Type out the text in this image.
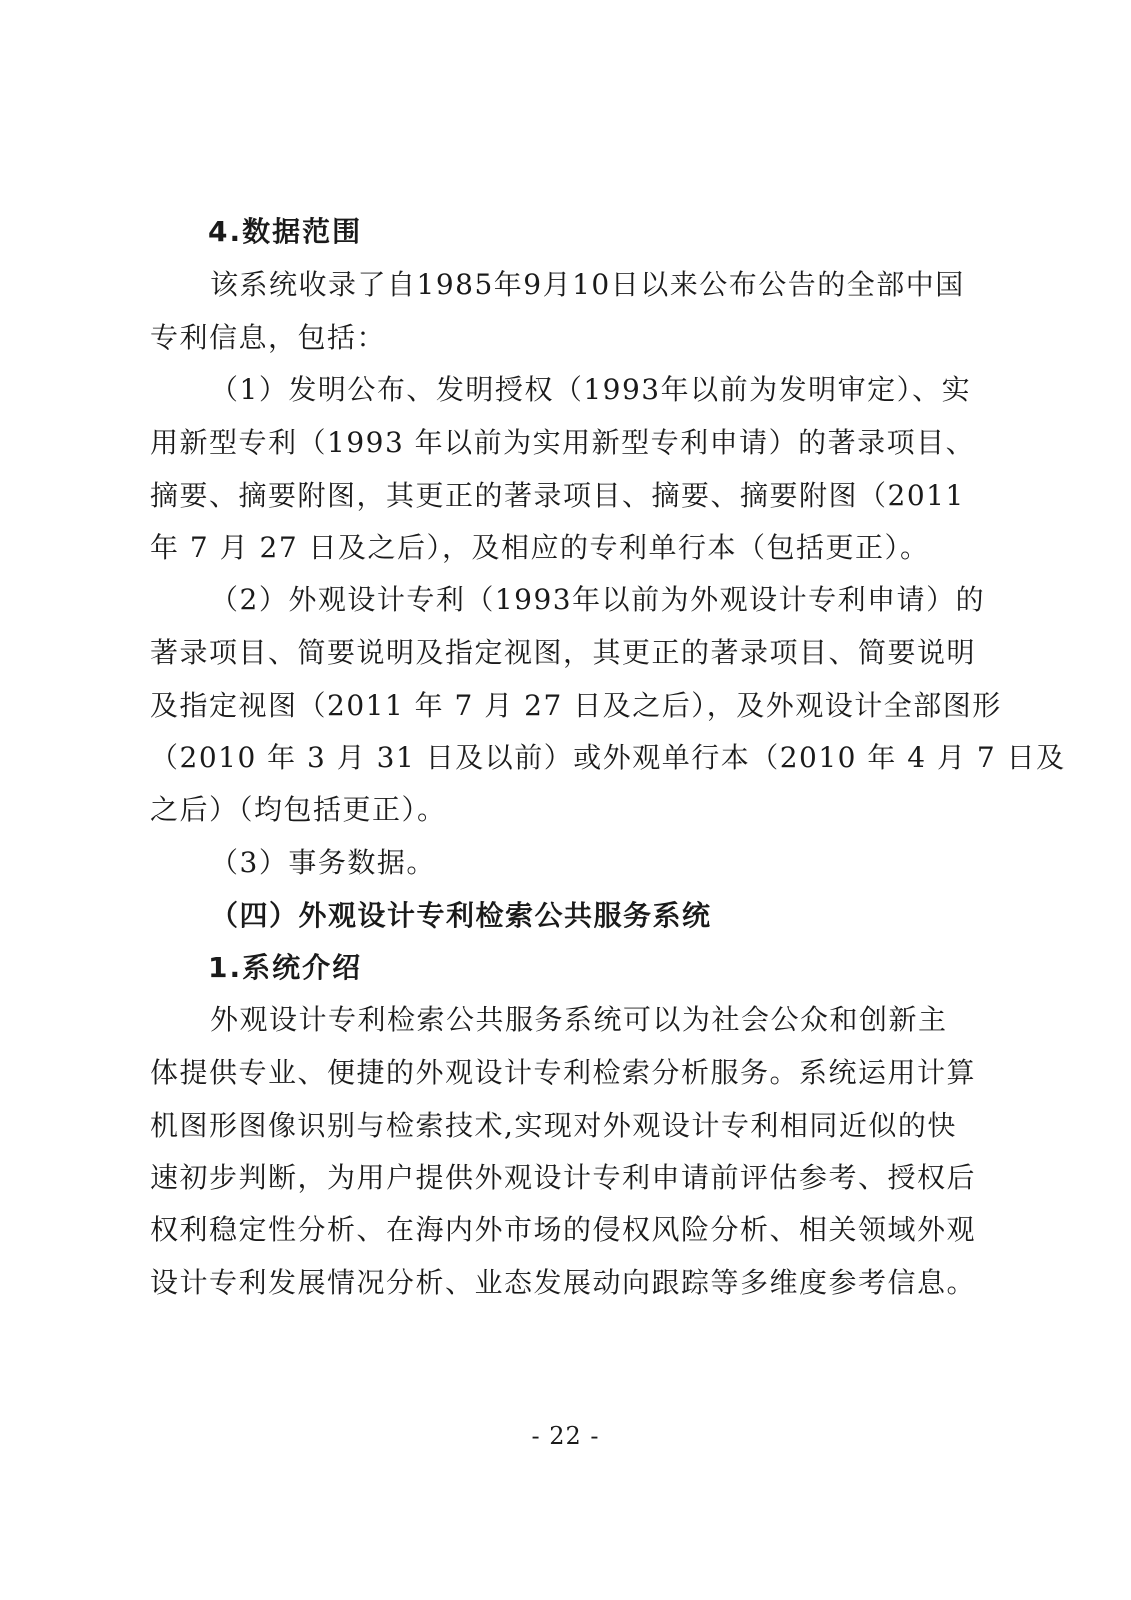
4.数据范围
该系统收录了自1985年9月10日以来公布公告的全部中国
专利信息，包括：
（1）发明公布、发明授权（1993年以前为发明审定）、实
用新型专利（1993 年以前为实用新型专利申请）的著录项目、
摘要、摘要附图，其更正的著录项目、摘要、摘要附图（2011
年 7 月 27 日及之后），及相应的专利单行本（包括更正）。
（2）外观设计专利（1993年以前为外观设计专利申请）的
著录项目、简要说明及指定视图，其更正的著录项目、简要说明
及指定视图（2011 年 7 月 27 日及之后），及外观设计全部图形
（2010 年 3 月 31 日及以前）或外观单行本（2010 年 4 月 7 日及
之后）（均包括更正）。
（3）事务数据。
（四）外观设计专利检索公共服务系统
1.系统介绍
外观设计专利检索公共服务系统可以为社会公众和创新主
体提供专业、便捷的外观设计专利检索分析服务。系统运用计算
机图形图像识别与检索技术,实现对外观设计专利相同近似的快
速初步判断，为用户提供外观设计专利申请前评估参考、授权后
权利稳定性分析、在海内外市场的侵权风险分析、相关领域外观
设计专利发展情况分析、业态发展动向跟踪等多维度参考信息。
- 22 -
